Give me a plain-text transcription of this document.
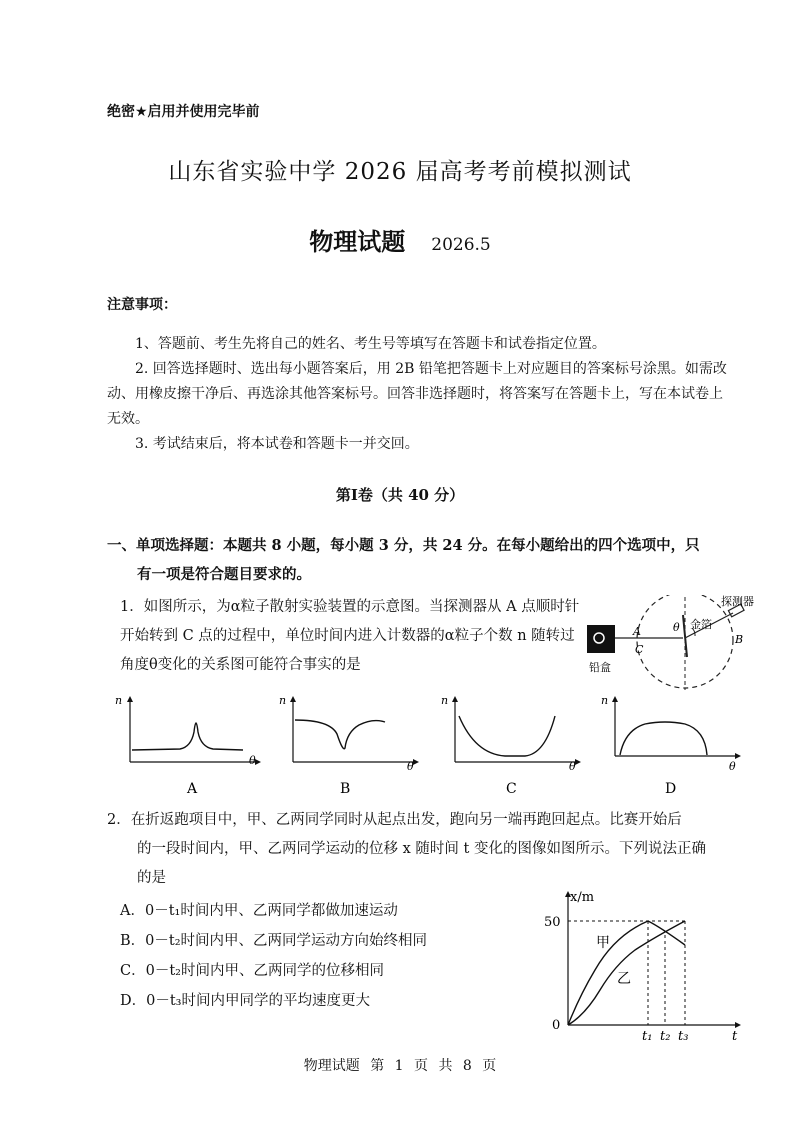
绝密★启用并使用完毕前
山东省实验中学 2026 届高考考前模拟测试
物理试题 2026.5
注意事项：

1、答题前、考生先将自己的姓名、考生号等填写在答题卡和试卷指定位置。

2. 回答选择题时、选出每小题答案后，用 2B 铅笔把答题卡上对应题目的答案标号涂黑。如需改动、用橡皮擦干净后、再选涂其他答案标号。回答非选择题时，将答案写在答题卡上，写在本试卷上无效。

3. 考试结束后，将本试卷和答题卡一并交回。

第Ⅰ卷（共 40 分）
一、单项选择题：本题共 8 小题，每小题 3 分，共 24 分。在每小题给出的四个选项中，只
有一项是符合题目要求的。
1．如图所示，为α粒子散射实验装置的示意图。当探测器从 A 点顺时针开始转到 C 点的过程中，单位时间内进入计数器的α粒子个数 n 随转过角度θ变化的关系图可能符合事实的是
探测器
金箔
θ
A
B
C
铅盒
n
θ
A
n
θ
B
n
θ
C
n
θ
D

2．在折返跑项目中，甲、乙两同学同时从起点出发，跑向另一端再跑回起点。比赛开始后

的一段时间内，甲、乙两同学运动的位移 x 随时间 t 变化的图像如图所示。下列说法正确
的是
A．0－t₁时间内甲、乙两同学都做加速运动
B．0－t₂时间内甲、乙两同学运动方向始终相同
C．0－t₂时间内甲、乙两同学的位移相同
D．0－t₃时间内甲同学的平均速度更大
x/m
50
0
t
t₁ t₂ t₃
甲
乙
物理试题 第 1 页 共 8 页
